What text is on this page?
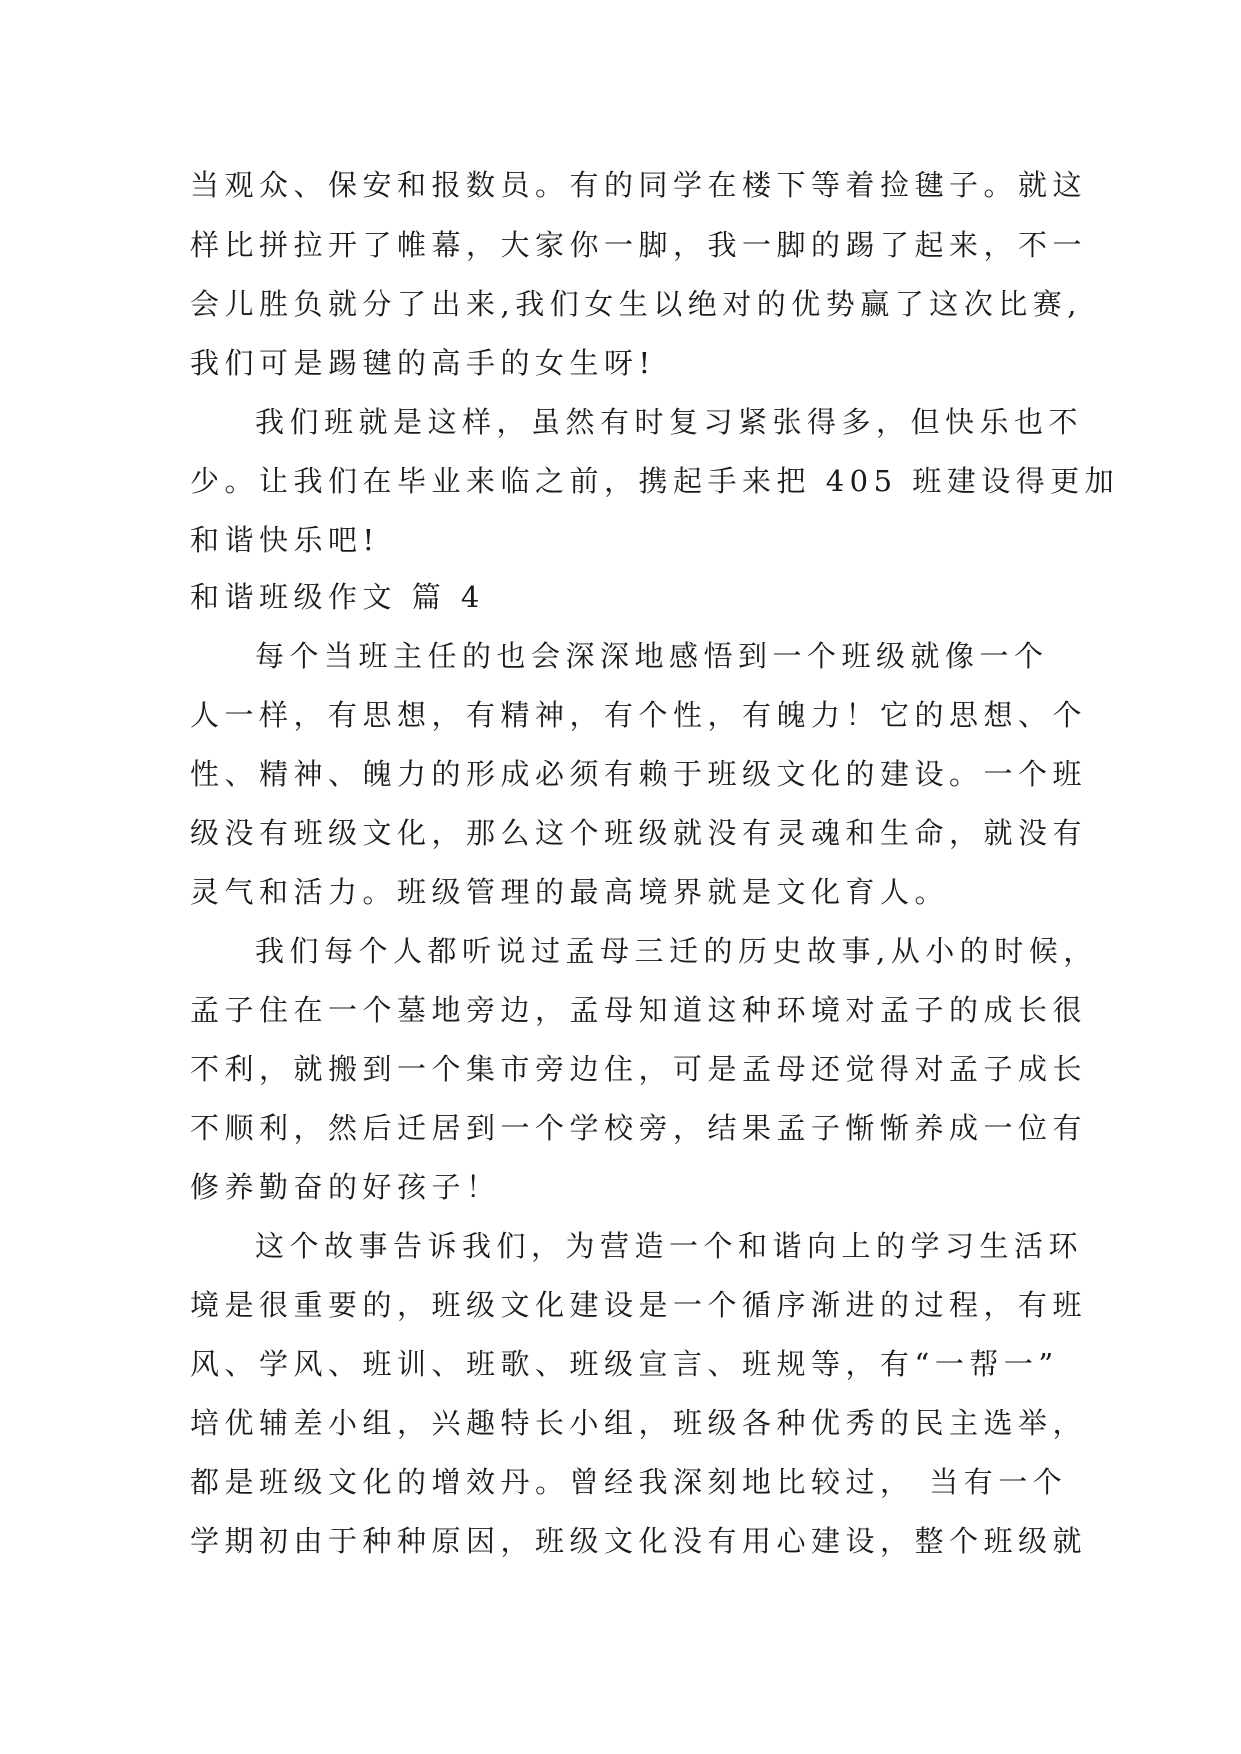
当观众、保安和报数员。有的同学在楼下等着捡毽子。就这
样比拼拉开了帷幕，大家你一脚，我一脚的踢了起来，不一
会儿胜负就分了出来,我们女生以绝对的优势赢了这次比赛,
我们可是踢毽的高手的女生呀!
我们班就是这样，虽然有时复习紧张得多，但快乐也不
少。让我们在毕业来临之前，携起手来把 405 班建设得更加
和谐快乐吧!
和谐班级作文 篇 4
每个当班主任的也会深深地感悟到一个班级就像一个
人一样，有思想，有精神，有个性，有魄力！它的思想、个
性、精神、魄力的形成必须有赖于班级文化的建设。一个班
级没有班级文化，那么这个班级就没有灵魂和生命，就没有
灵气和活力。班级管理的最高境界就是文化育人。
我们每个人都听说过孟母三迁的历史故事,从小的时候，
孟子住在一个墓地旁边，孟母知道这种环境对孟子的成长很
不利，就搬到一个集市旁边住，可是孟母还觉得对孟子成长
不顺利，然后迁居到一个学校旁，结果孟子惭惭养成一位有
修养勤奋的好孩子！
这个故事告诉我们，为营造一个和谐向上的学习生活环
境是很重要的，班级文化建设是一个循序渐进的过程，有班
风、学风、班训、班歌、班级宣言、班规等，有“一帮一”
培优辅差小组，兴趣特长小组，班级各种优秀的民主选举，
都是班级文化的增效丹。曾经我深刻地比较过， 当有一个
学期初由于种种原因，班级文化没有用心建设，整个班级就
